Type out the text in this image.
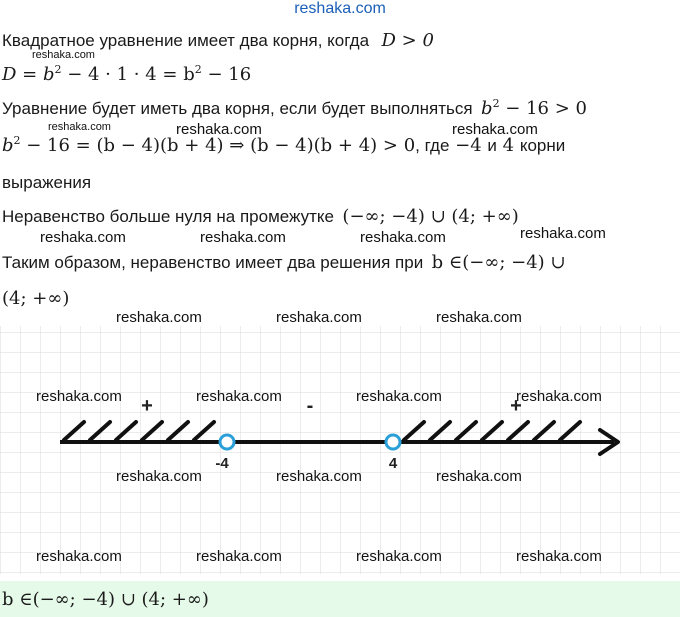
reshaka.com
Квадратное уравнение имеет два корня, когда D > 0
$D = b^2 - 4 \cdot 1 \cdot 4 = b^2 - 16$
Уравнение будет иметь два корня, если будет выполняться $b^2 - 16 > 0$
$b^2 - 16 = (b - 4)(b + 4)$ ⇒ (b − 4)(b + 4) > 0, где −4 и 4 корни
выражения
Неравенство больше нуля на промежутке (−∞; −4) ∪ (4; +∞)
Таким образом, неравенство имеет два решения при b ∈(−∞; −4) ∪
(4; +∞)
-4	4
+	-	+
b ∈(−∞; −4) ∪ (4; +∞)
reshaka.com
reshaka.com	reshaka.com	reshaka.com
reshaka.com	reshaka.com	reshaka.com	reshaka.com
reshaka.com	reshaka.com	reshaka.com
reshaka.com	reshaka.com	reshaka.com	reshaka.com
reshaka.com	reshaka.com	reshaka.com
reshaka.com	reshaka.com	reshaka.com	reshaka.com
